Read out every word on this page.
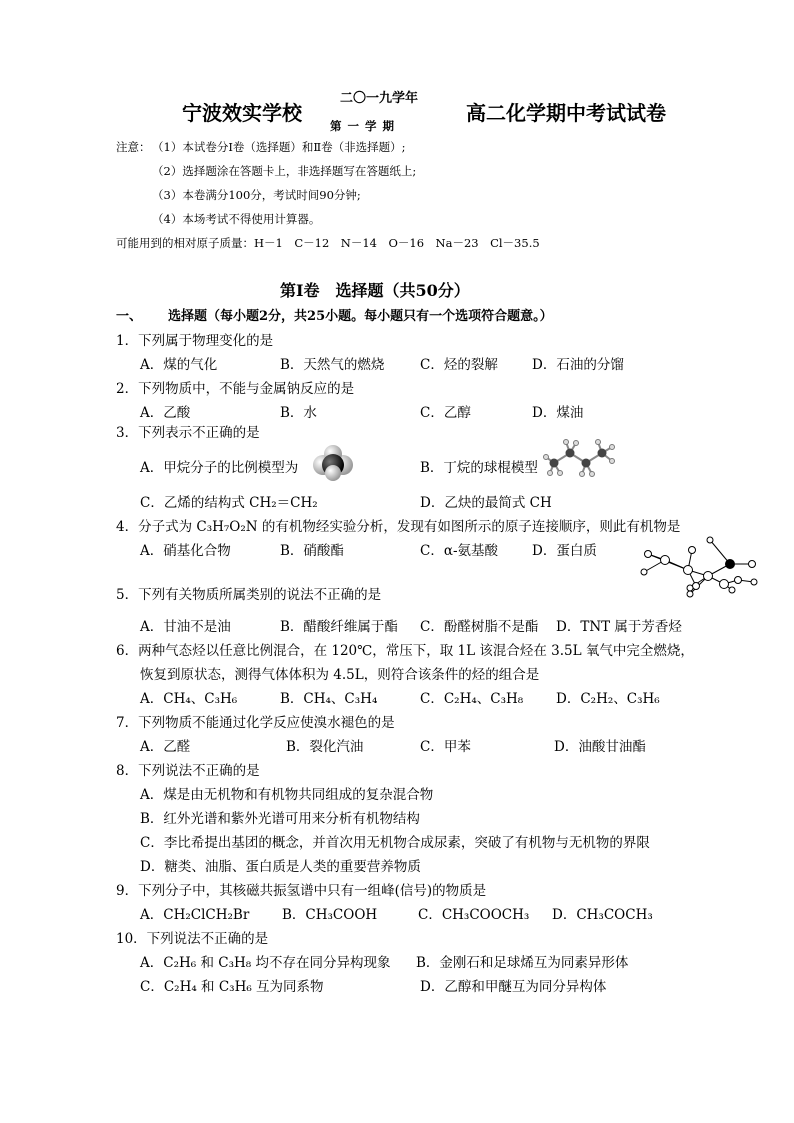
宁波效实学校
二〇一九学年
第 一 学 期
高二化学期中考试试卷
注意： （1）本试卷分Ⅰ卷（选择题）和Ⅱ卷（非选择题）;
（2）选择题涂在答题卡上，非选择题写在答题纸上;
（3）本卷满分100分，考试时间90分钟;
（4）本场考试不得使用计算器。
可能用到的相对原子质量：H－1　C－12　N－14　O－16　Na－23　Cl－35.5
第Ⅰ卷　选择题（共50分）
一、 选择题（每小题2分，共25小题。每小题只有一个选项符合题意。）
1．下列属于物理变化的是
A．煤的气化	B．天然气的燃烧	C．烃的裂解	D．石油的分馏
2．下列物质中，不能与金属钠反应的是
A．乙酸	B．水	C．乙醇	D．煤油
3．下列表示不正确的是
A．甲烷分子的比例模型为	B．丁烷的球棍模型
C．乙烯的结构式 CH₂＝CH₂	D．乙炔的最简式 CH
4．分子式为 C₃H₇O₂N 的有机物经实验分析，发现有如图所示的原子连接顺序，则此有机物是
A．硝基化合物	B．硝酸酯	C．α-氨基酸	D．蛋白质
5．下列有关物质所属类别的说法不正确的是
A．甘油不是油	B．醋酸纤维属于酯 C．酚醛树脂不是酯 D．TNT 属于芳香烃
6．两种气态烃以任意比例混合，在 120℃，常压下，取 1L 该混合烃在 3.5L 氧气中完全燃烧，
恢复到原状态，测得气体体积为 4.5L，则符合该条件的烃的组合是
A．CH₄、C₃H₆	B．CH₄、C₃H₄	C．C₂H₄、C₃H₈ D．C₂H₂、C₃H₆
7．下列物质不能通过化学反应使溴水褪色的是
A．乙醛	B．裂化汽油	C．甲苯	D．油酸甘油酯
8．下列说法不正确的是
A．煤是由无机物和有机物共同组成的复杂混合物
B．红外光谱和紫外光谱可用来分析有机物结构
C．李比希提出基团的概念，并首次用无机物合成尿素，突破了有机物与无机物的界限
D．糖类、油脂、蛋白质是人类的重要营养物质
9．下列分子中，其核磁共振氢谱中只有一组峰(信号)的物质是
A．CH₂ClCH₂Br B．CH₃COOH	C．CH₃COOCH₃ D．CH₃COCH₃
10．下列说法不正确的是
A．C₂H₆ 和 C₃H₈ 均不存在同分异构现象 B．金刚石和足球烯互为同素异形体
C．C₂H₄ 和 C₃H₆ 互为同系物	D．乙醇和甲醚互为同分异构体
